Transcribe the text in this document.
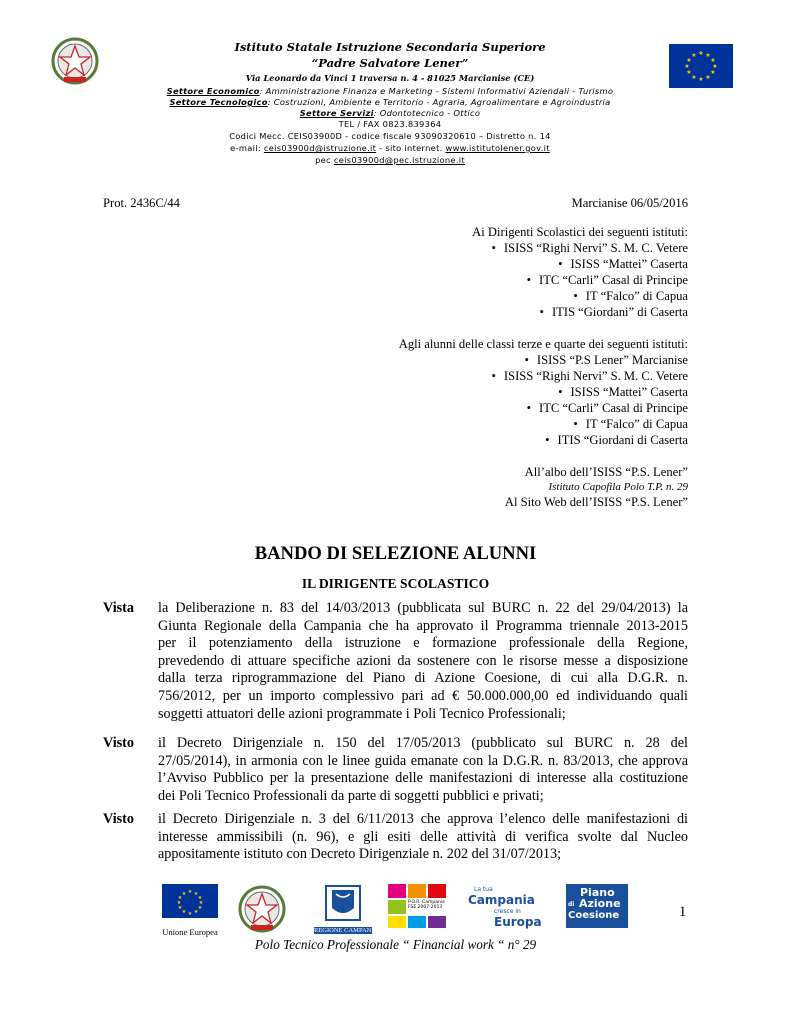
Istituto Statale Istruzione Secondaria Superiore
“Padre Salvatore Lener”
Via Leonardo da Vinci 1 traversa n. 4 - 81025 Marcianise (CE)
Settore Economico: Amministrazione Finanza e Marketing - Sistemi Informativi Aziendali - Turismo
Settore Tecnologico: Costruzioni, Ambiente e Territorio - Agraria, Agroalimentare e Agroindustria
Settore Servizi: Odontotecnico - Ottico
TEL / FAX 0823.839364
Codici Mecc. CEIS03900D - codice fiscale 93090320610 – Distretto n. 14
e-mail: ceis03900d@istruzione.it - sito internet. www.istitutolener.gov.it
pec ceis03900d@pec.istruzione.it
★ ★
★
★
★
★
★
★
★
★
★
★
Prot. 2436C/44	Marcianise 06/05/2016
Ai Dirigenti Scolastici dei seguenti istituti:
• ISISS “Righi Nervi” S. M. C. Vetere
• ISISS “Mattei” Caserta
• ITC “Carli” Casal di Principe
• IT “Falco” di Capua
• ITIS “Giordani” di Caserta
Agli alunni delle classi terze e quarte dei seguenti istituti:
• ISISS “P.S Lener” Marcianise
• ISISS “Righi Nervi” S. M. C. Vetere
• ISISS “Mattei” Caserta
• ITC “Carli” Casal di Principe
• IT “Falco” di Capua
• ITIS “Giordani di Caserta
All’albo dell’ISISS “P.S. Lener”
Istituto Capofila Polo T.P. n. 29
Al Sito Web dell’ISISS “P.S. Lener”
BANDO DI SELEZIONE ALUNNI
IL DIRIGENTE SCOLASTICO
Vista la Deliberazione n. 83 del 14/03/2013 (pubblicata sul BURC n. 22 del 29/04/2013) la
Giunta Regionale della Campania che ha approvato il Programma triennale 2013-2015
per il potenziamento della istruzione e formazione professionale della Regione,
prevedendo di attuare specifiche azioni da sostenere con le risorse messe a disposizione
dalla terza riprogrammazione del Piano di Azione Coesione, di cui alla D.G.R. n.
756/2012, per un importo complessivo pari ad € 50.000.000,00 ed individuando quali
soggetti attuatori delle azioni programmate i Poli Tecnico Professionali;
Visto il Decreto Dirigenziale n. 150 del 17/05/2013 (pubblicato sul BURC n. 28 del
27/05/2014), in armonia con le linee guida emanate con la D.G.R. n. 83/2013, che approva
l’Avviso Pubblico per la presentazione delle manifestazioni di interesse alla costituzione
dei Poli Tecnico Professionali da parte di soggetti pubblici e privati;
Visto il Decreto Dirigenziale n. 3 del 6/11/2013 che approva l’elenco delle manifestazioni di
interesse ammissibili (n. 96), e gli esiti delle attività di verifica svolte dal Nucleo
appositamente istituto con Decreto Dirigenziale n. 202 del 31/07/2013;
★ ★
★
★
★
★
★
★
★
★
★
★
Unione Europea	REGIONE CAMPANIA
P.O.R. Campania FSE 2007-2013
La tua
Campania
cresce in
Europa
Piano
di Azione
Coesione	1
Polo Tecnico Professionale “ Financial work “ n° 29
